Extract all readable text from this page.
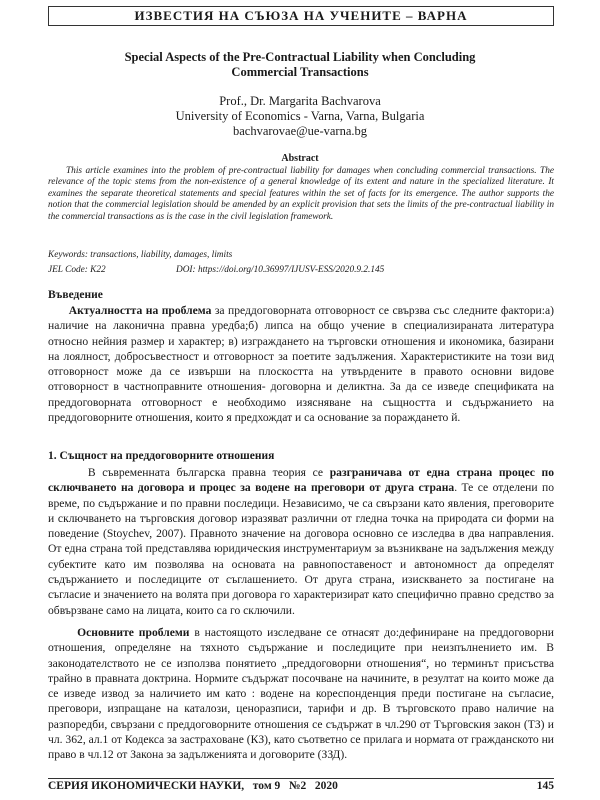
ИЗВЕСТИЯ НА СЪЮЗА НА УЧЕНИТЕ – ВАРНА
Special Aspects of the Pre-Contractual Liability when Concluding
Commercial Transactions
Prof., Dr. Margarita Bachvarova
University of Economics - Varna, Varna, Bulgaria
bachvarovae@ue-varna.bg
Abstract
This article examines into the problem of pre-contractual liability for damages when concluding commercial transactions. The relevance of the topic stems from the non-existence of a general knowledge of its extent and nature in the specialized literature. It examines the separate theoretical statements and special features within the set of facts for its emergence. The author supports the notion that the commercial legislation should be amended by an explicit provision that sets the limits of the pre-contractual liability in the commercial transactions as is the case in the civil legislation framework.
Keywords: transactions, liability, damages, limits
JEL Code: K22	DOI: https://doi.org/10.36997/IJUSV-ESS/2020.9.2.145
Въведение

Актуалността на проблема за преддоговорната отговорност се свързва със следните фактори:а) наличие на лаконична правна уредба;б) липса на общо учение в специализираната литература относно нейния размер и характер; в) изграждането на търговски отношения и икономика, базирани на лоялност, добросъвестност и отговорност за поетите задължения. Характеристиките на този вид отговорност може да се извърши на плоскостта на утвърдените в правото основни видове отговорност в частноправните отношения- договорна и деликтна. За да се изведе спецификата на преддоговорната отговорност е необходимо изясняване на същността и съдържанието на преддоговорните отношения, които я предхождат и са основание за пораждането й.

1. Същност на преддоговорните отношения

В съвременната българска правна теория се разграничава от една страна процес по сключването на договора и процес за водене на преговори от друга страна. Те се отделени по време, по съдържание и по правни последици. Независимо, че са свързани като явления, преговорите и сключването на търговския договор изразяват различни от гледна точка на природата си форми на поведение (Stoychev, 2007). Правното значение на договора основно се изследва в два направления. От една страна той представлява юридическия инструментариум за възникване на задължения между субектите като им позволява на основата на равнопоставеност и автономност да определят съдържанието и последиците от съглашението. От друга страна, изискването за постигане на съгласие и значението на волята при договора го характеризират като специфично правно средство за обвързване само на лицата, които са го сключили.

Основните проблеми в настоящото изследване се отнасят до:дефиниране на преддоговорни отношения, определяне на тяхното съдържание и последиците при неизпълнението им. В законодателството не се използва понятието „преддоговорни отношения“, но терминът присъства трайно в правната доктрина. Нормите съдържат посочване на начините, в резултат на които може да се изведе извод за наличието им като : водене на кореспонденция преди постигане на съгласие, преговори, изпращане на каталози, ценоразписи, тарифи и др. В търговското право наличие на разпоредби, свързани с преддоговорните отношения се съдържат в чл.290 от Търговския закон (ТЗ) и чл. 362, ал.1 от Кодекса за застраховане (КЗ), като съответно се прилага и нормата от гражданското ни право в чл.12 от Закона за задълженията и договорите (ЗЗД).

СЕРИЯ ИКОНОМИЧЕСКИ НАУКИ, том 9 №2 2020	145
